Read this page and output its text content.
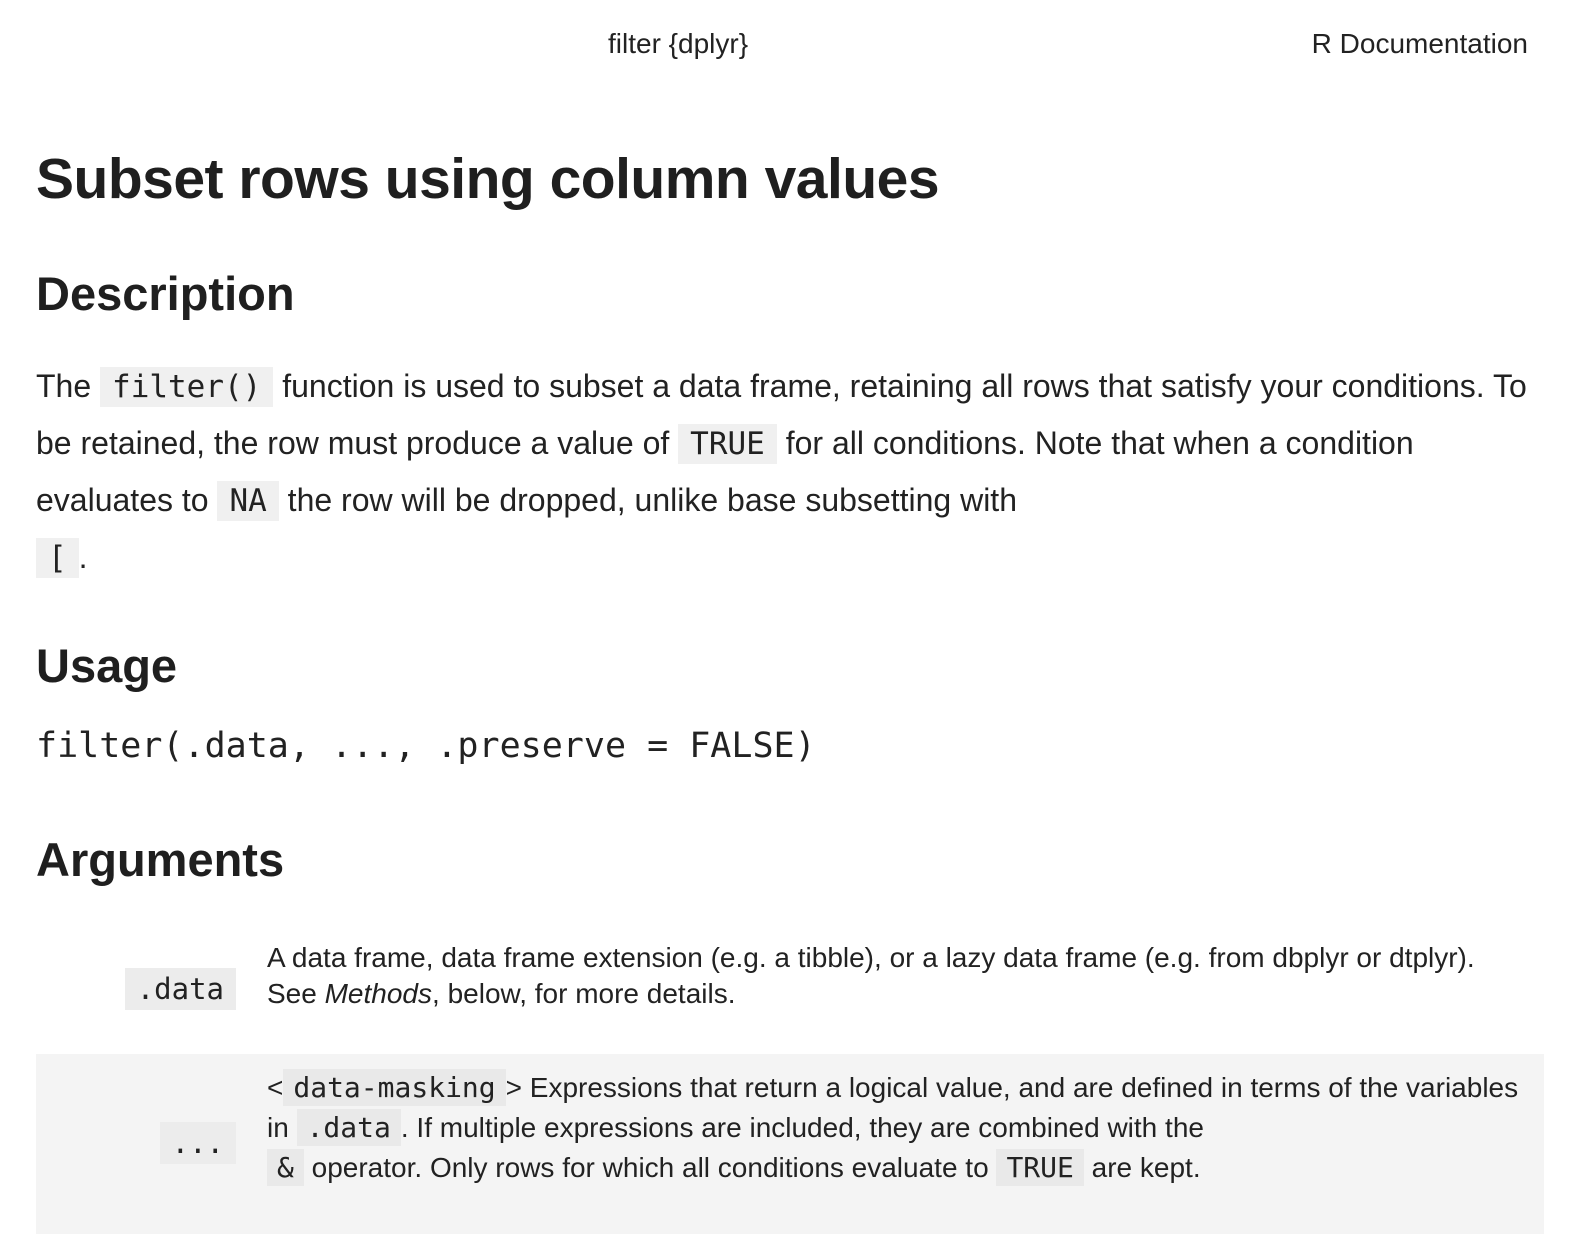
filter {dplyr}	R Documentation
Subset rows using column values
Description

The filter() function is used to subset a data frame, retaining all rows that satisfy your conditions. To be retained, the row must produce a value of TRUE for all conditions. Note that when a condition evaluates to NA the row will be dropped, unlike base subsetting with
[ .

Usage
filter(.data, ..., .preserve = FALSE)
Arguments
.data

A data frame, data frame extension (e.g. a tibble), or a lazy data frame (e.g. from dbplyr or dtplyr). See Methods, below, for more details.

...

< data-masking > Expressions that return a logical value, and are defined in terms of the variables in .data . If multiple expressions are included, they are combined with the
& operator. Only rows for which all conditions evaluate to TRUE are kept.
